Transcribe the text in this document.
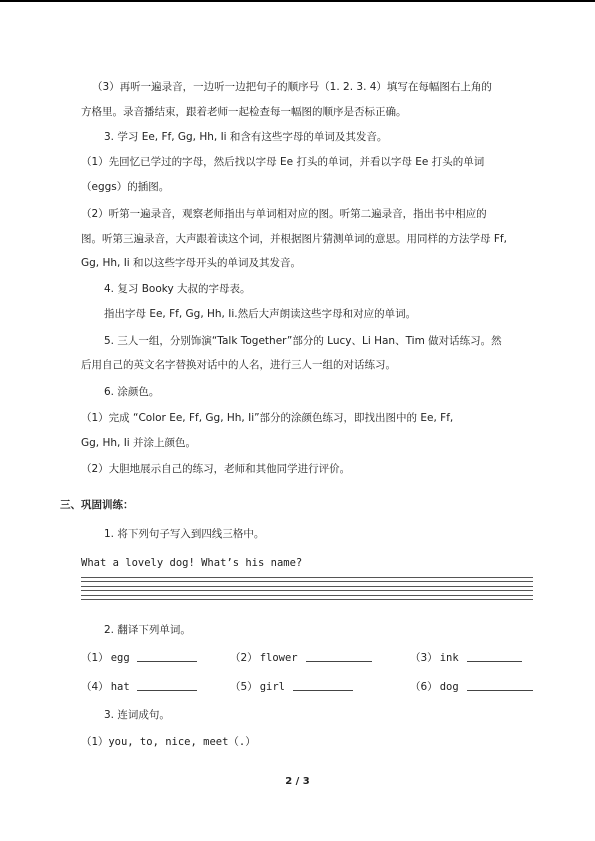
（3）再听一遍录音，一边听一边把句子的顺序号（1. 2. 3. 4）填写在每幅图右上角的
方格里。录音播结束，跟着老师一起检查每一幅图的顺序是否标正确。
3. 学习 Ee, Ff, Gg, Hh, Ii 和含有这些字母的单词及其发音。
（1）先回忆已学过的字母，然后找以字母 Ee 打头的单词，并看以字母 Ee 打头的单词
（eggs）的插图。
（2）听第一遍录音，观察老师指出与单词相对应的图。听第二遍录音，指出书中相应的
图。听第三遍录音，大声跟着读这个词，并根据图片猜测单词的意思。用同样的方法学母 Ff,
Gg, Hh, Ii 和以这些字母开头的单词及其发音。
4. 复习 Booky 大叔的字母表。
指出字母 Ee, Ff, Gg, Hh, Ii.然后大声朗读这些字母和对应的单词。
5. 三人一组，分别饰演“Talk Together”部分的 Lucy、Li Han、Tim 做对话练习。然
后用自己的英文名字替换对话中的人名，进行三人一组的对话练习。
6. 涂颜色。
（1）完成 “Color Ee, Ff, Gg, Hh, Ii”部分的涂颜色练习，即找出图中的 Ee, Ff,
Gg, Hh, Ii 并涂上颜色。
（2）大胆地展示自己的练习，老师和其他同学进行评价。
三、巩固训练：
1. 将下列句子写入到四线三格中。
What a lovely dog! What’s his name?
2. 翻译下列单词。
（1） egg	（2） flower	（3） ink
（4） hat	（5） girl	（6） dog
3. 连词成句。
（1）you, to, nice, meet（.）
2 / 3
